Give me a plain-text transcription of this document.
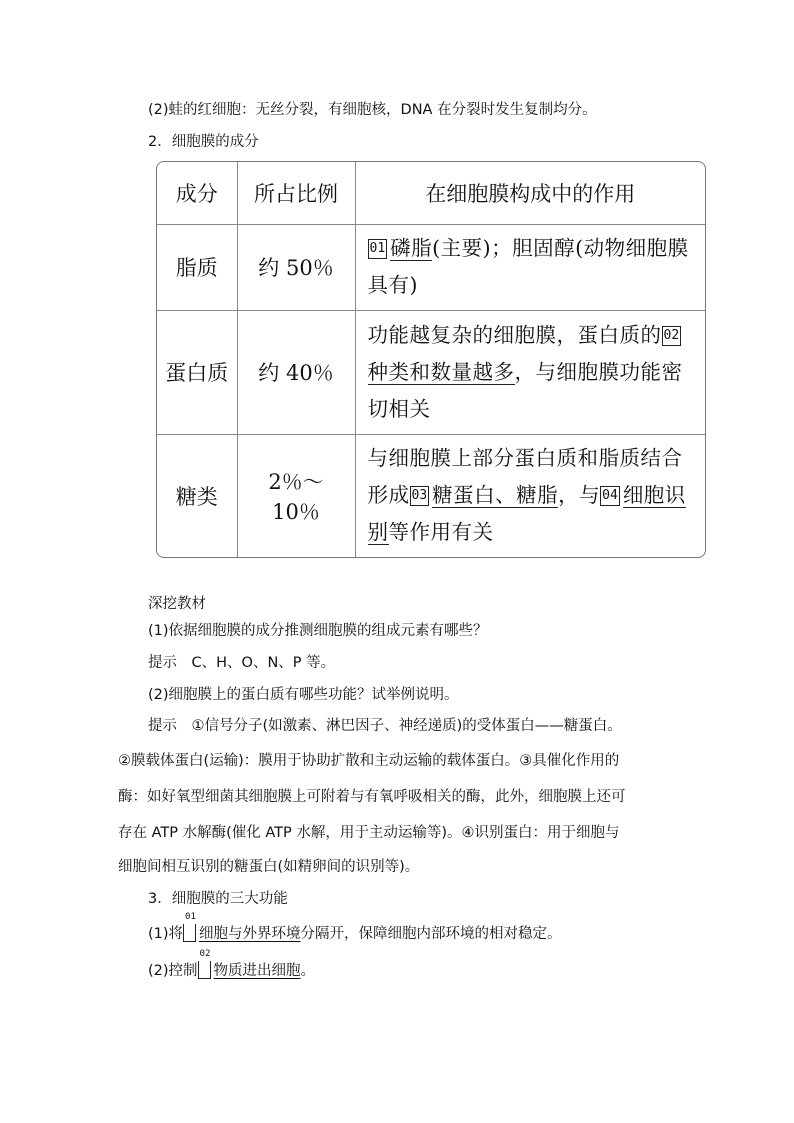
(2)蛙的红细胞：无丝分裂，有细胞核，DNA 在分裂时发生复制均分。
2．细胞膜的成分
成分	所占比例	在细胞膜构成中的作用
脂质	约 50％	01 磷脂(主要)；胆固醇(动物细胞膜具有)
蛋白质	约 40％	功能越复杂的细胞膜，蛋白质的 02种类和数量越多，与细胞膜功能密切相关
糖类	2％～10％	与细胞膜上部分蛋白质和脂质结合形成 03 糖蛋白、糖脂，与 04 细胞识别等作用有关
深挖教材
(1)依据细胞膜的成分推测细胞膜的组成元素有哪些？
提示　C、H、O、N、P 等。
(2)细胞膜上的蛋白质有哪些功能？试举例说明。
提示　①信号分子(如激素、淋巴因子、神经递质)的受体蛋白——糖蛋白。
②膜载体蛋白(运输)：膜用于协助扩散和主动运输的载体蛋白。③具催化作用的
酶：如好氧型细菌其细胞膜上可附着与有氧呼吸相关的酶，此外，细胞膜上还可
存在 ATP 水解酶(催化 ATP 水解，用于主动运输等)。④识别蛋白：用于细胞与
细胞间相互识别的糖蛋白(如精卵间的识别等)。
3．细胞膜的三大功能
(1)将
01
细胞与外界环境分隔开，保障细胞内部环境的相对稳定。
(2)控制
02
物质进出细胞。
